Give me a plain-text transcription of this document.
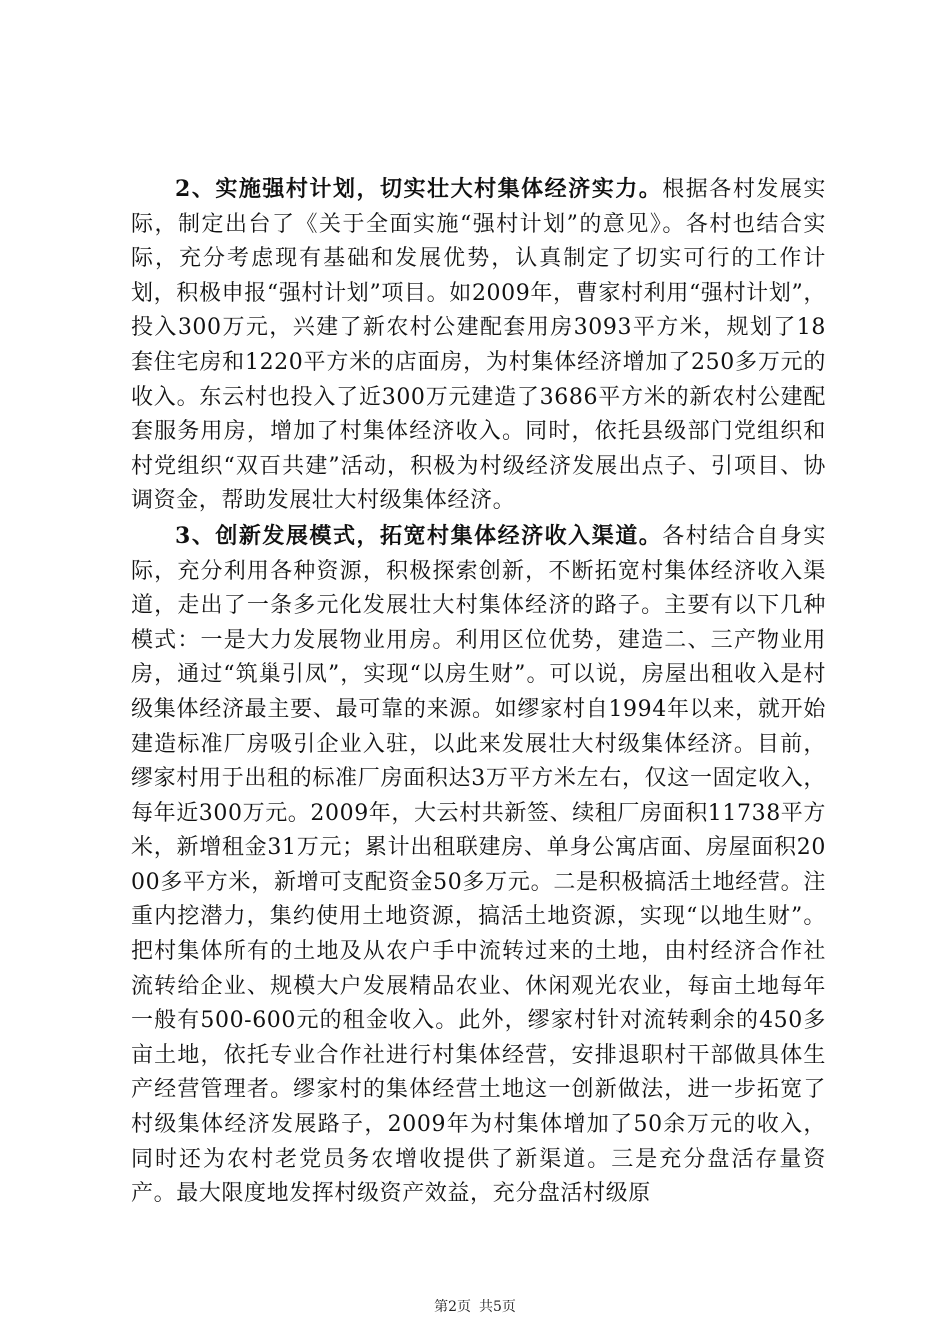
2、实施强村计划，切实壮大村集体经济实力。根据各村发展实际，制定出台了《关于全面实施“强村计划”的意见》。各村也结合实际，充分考虑现有基础和发展优势，认真制定了切实可行的工作计划，积极申报“强村计划”项目。如2009年，曹家村利用“强村计划”，投入300万元，兴建了新农村公建配套用房3093平方米，规划了18套住宅房和1220平方米的店面房，为村集体经济增加了250多万元的收入。东云村也投入了近300万元建造了3686平方米的新农村公建配套服务用房，增加了村集体经济收入。同时，依托县级部门党组织和村党组织“双百共建”活动，积极为村级经济发展出点子、引项目、协调资金，帮助发展壮大村级集体经济。

3、创新发展模式，拓宽村集体经济收入渠道。各村结合自身实际，充分利用各种资源，积极探索创新，不断拓宽村集体经济收入渠道，走出了一条多元化发展壮大村集体经济的路子。主要有以下几种模式：一是大力发展物业用房。利用区位优势，建造二、三产物业用房，通过“筑巢引凤”，实现“以房生财”。可以说，房屋出租收入是村级集体经济最主要、最可靠的来源。如缪家村自1994年以来，就开始建造标准厂房吸引企业入驻，以此来发展壮大村级集体经济。目前，缪家村用于出租的标准厂房面积达3万平方米左右，仅这一固定收入，每年近300万元。2009年，大云村共新签、续租厂房面积11738平方米，新增租金31万元；累计出租联建房、单身公寓店面、房屋面积2000多平方米，新增可支配资金50多万元。二是积极搞活土地经营。注重内挖潜力，集约使用土地资源，搞活土地资源，实现“以地生财”。把村集体所有的土地及从农户手中流转过来的土地，由村经济合作社流转给企业、规模大户发展精品农业、休闲观光农业，每亩土地每年一般有500-600元的租金收入。此外，缪家村针对流转剩余的450多亩土地，依托专业合作社进行村集体经营，安排退职村干部做具体生产经营管理者。缪家村的集体经营土地这一创新做法，进一步拓宽了村级集体经济发展路子，2009年为村集体增加了50余万元的收入，同时还为农村老党员务农增收提供了新渠道。三是充分盘活存量资产。最大限度地发挥村级资产效益，充分盘活村级原

第2页 共5页
